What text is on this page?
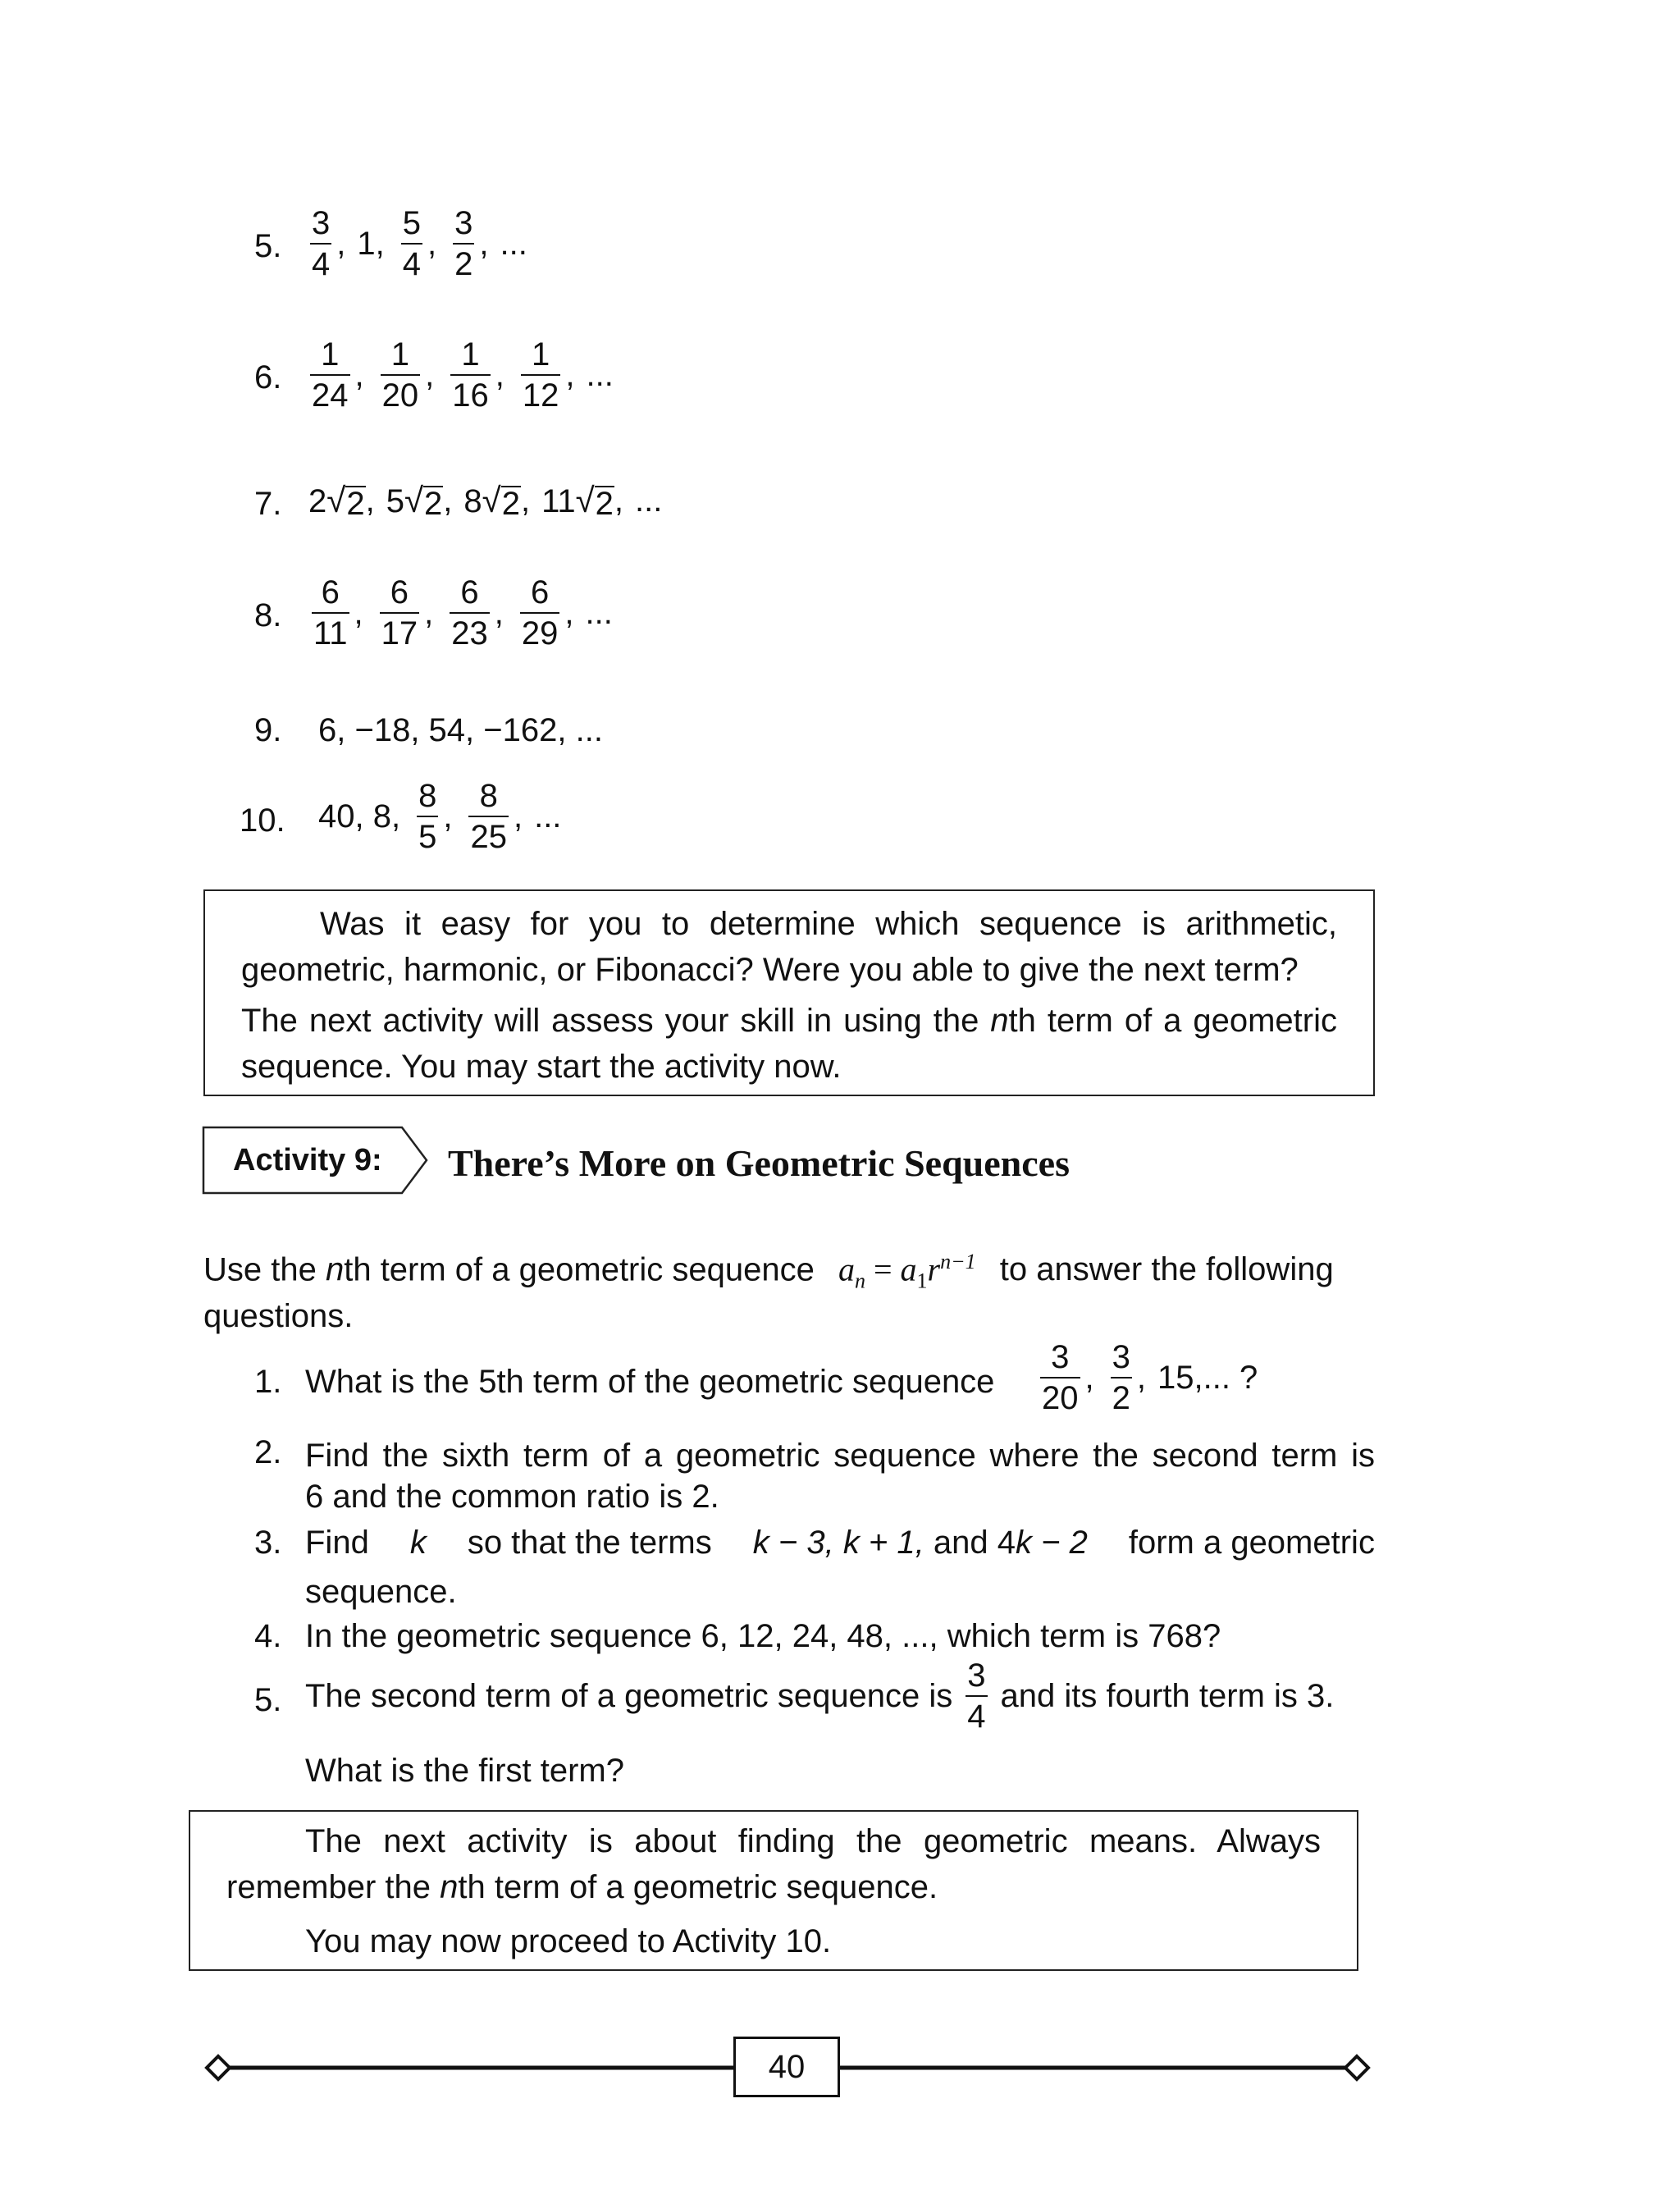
5. $\frac{3}{4}$ , 1 , $\frac{5}{4}$ , $\frac{3}{2}$ , ...
6. $\frac{1}{24}$ , $\frac{1}{20}$ , $\frac{1}{16}$ , $\frac{1}{12}$ , ...
7. 2 √ 2 , 5 √ 2 , 8 √ 2 , 11 √ 2 , ...
8. $\frac{6}{11}$ , $\frac{6}{17}$ , $\frac{6}{23}$ , $\frac{6}{29}$ , ...
9. 6, −18, 54, −162, ...
10. 40, 8, $\frac{8}{5}$ , $\frac{8}{25}$ , ...
Was it easy for you to determine which sequence is arithmetic, geometric, harmonic, or Fibonacci? Were you able to give the next term?
The next activity will assess your skill in using the nth term of a geometric sequence. You may start the activity now.
Activity 9: There’s More on Geometric Sequences
Use the nth term of a geometric sequence $a_n = a_1r^{n-1}$ to answer the following
questions.
1. What is the 5th term of the geometric sequence $\frac{3}{20}$ , $\frac{3}{2}$ , 15,... ?
2. Find the sixth term of a geometric sequence where the second term is
6 and the common ratio is 2.
3. Find k so that the terms k − 3, k + 1, and 4k − 2 form a geometric
sequence.
4. In the geometric sequence 6, 12, 24, 48, ..., which term is 768?
5. The second term of a geometric sequence is $\frac{3}{4}$ and its fourth term is 3.
What is the first term?
The next activity is about finding the geometric means. Always remember the nth term of a geometric sequence.
You may now proceed to Activity 10.
40
